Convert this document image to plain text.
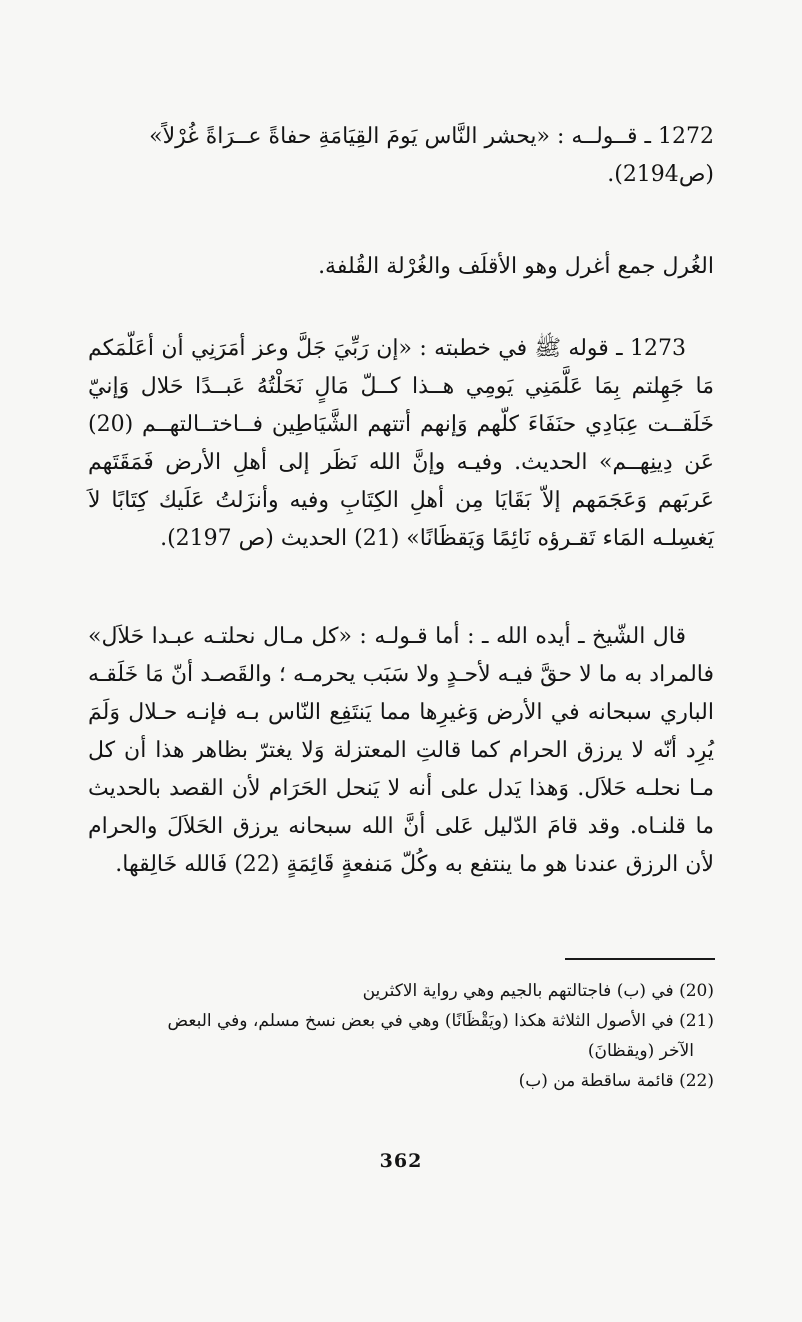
1272 ـ قــولــه : «يحشر النَّاس يَومَ القِيَامَةِ حفاةً عــرَاةً غُرْلاً»
(ص2194).

الغُرل جمع أغرل وهو الأقلَف والغُرْلة القُلفة.

1273 ـ قوله ﷺ في خطبته : «إن رَبِّيَ جَلَّ وعز أمَرَنِي أن أعَلّمَكم مَا جَهِلتم بِمَا عَلَّمَنِي يَومِي هــذا كــلّ مَالٍ نَحَلْتُهُ عَبــدًا حَلال وَإنيّ خَلَقــت عِبَادِي حنَفَاءَ كلّهم وَإنهم أتتهم الشَّيَاطِين فــاختــالتهــم (20) عَن دِينِهــم» الحديث. وفيـه وإنَّ الله نَظَر إلى أهلِ الأرض فَمَقَتَهم عَربَهم وَعَجَمَهم إلاّ بَقَايَا مِن أهلِ الكِتَابِ وفيه وأنزَلتُ عَلَيك كِتَابًا لاَ يَغسِلـه المَاء تَقـرؤه نَائِمًا وَيَقظَانًا» (21) الحديث (ص 2197).

قال الشّيخ ـ أيده الله ـ : أما قـولـه : «كل مـال نحلتـه عبـدا حَلاَل» فالمراد به ما لا حقَّ فيـه لأحـدٍ ولا سَبَب يحرمـه ؛ والقَصـد أنّ مَا خَلَقـه الباري سبحانه في الأرض وَغيرِها مما يَنتَفِع النّاس بـه فإنـه حـلال وَلَمَ يُرِد أنّه لا يرزق الحرام كما قالتِ المعتزلة وَلا يغترّ بظاهر هذا أن كل مـا نحلـه حَلاَل. وَهذا يَدل على أنه لا يَنحل الحَرَام لأن القصد بالحديث ما قلنـاه. وقد قامَ الدّليل عَلى أنَّ الله سبحانه يرزق الحَلاَلَ والحرام لأن الرزق عندنا هو ما ينتفع به وكُلّ مَنفعةٍ قَائِمَةٍ (22) فَالله خَالِقها.

(20) في (ب) فاجتالتهم بالجيم وهي رواية الاكثرين

(21) في الأصول الثلاثة هكذا (ويَقْظَانًا) وهي في بعض نسخ مسلم، وفي البعض

الآخر (ويقظانَ)

(22) قائمة ساقطة من (ب)

362
